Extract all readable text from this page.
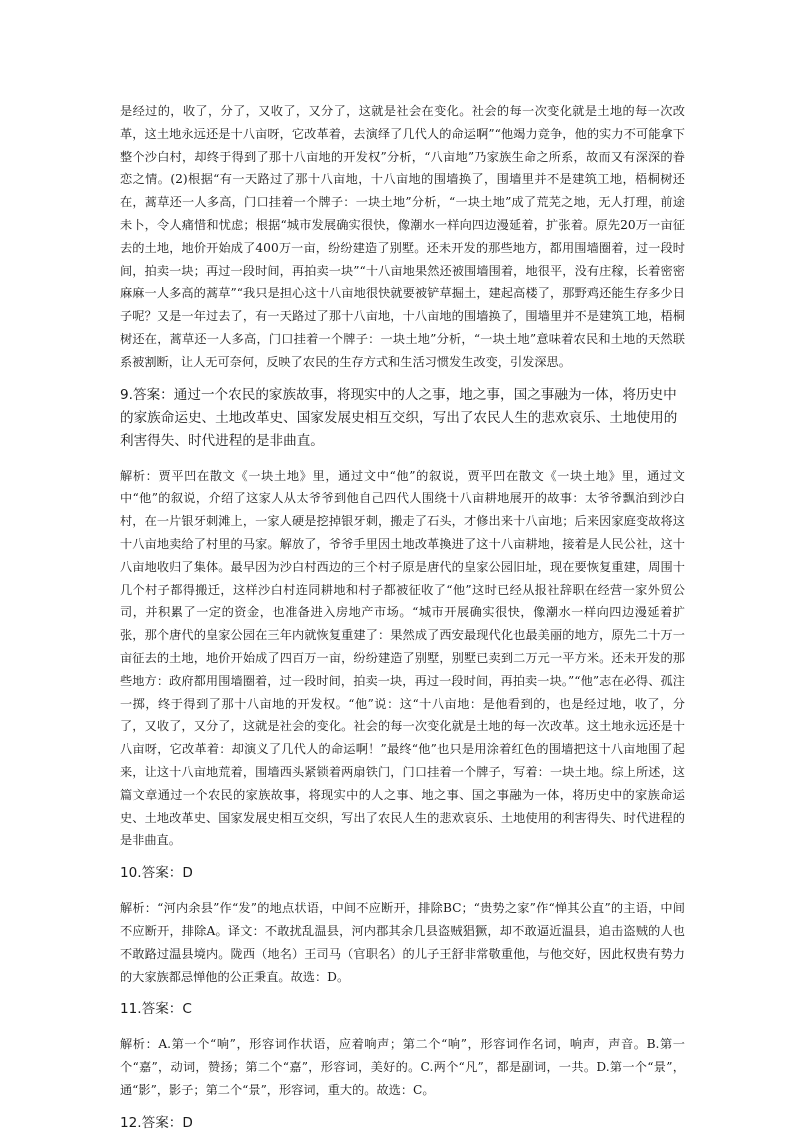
是经过的，收了，分了，又收了，又分了，这就是社会在变化。社会的每一次变化就是土地的每一次改革，这土地永远还是十八亩呀，它改革着，去演绎了几代人的命运啊”“他竭力竞争，他的实力不可能拿下整个沙白村，却终于得到了那十八亩地的开发权”分析，“八亩地”乃家族生命之所系，故而又有深深的眷恋之情。(2)根据“有一天路过了那十八亩地，十八亩地的围墙换了，围墙里并不是建筑工地，梧桐树还在，蒿草还一人多高，门口挂着一个牌子：一块土地”分析，“一块土地”成了荒芜之地，无人打理，前途未卜，令人痛惜和忧虑；根据“城市发展确实很快，像潮水一样向四边漫延着，扩张着。原先20万一亩征去的土地，地价开始成了400万一亩，纷纷建造了别墅。还未开发的那些地方，都用围墙圈着，过一段时间，拍卖一块；再过一段时间，再拍卖一块”“十八亩地果然还被围墙围着，地很平，没有庄稼，长着密密麻麻一人多高的蒿草”“我只是担心这十八亩地很快就要被铲草掘土，建起高楼了，那野鸡还能生存多少日子呢？又是一年过去了，有一天路过了那十八亩地，十八亩地的围墙换了，围墙里并不是建筑工地，梧桐树还在，蒿草还一人多高，门口挂着一个牌子：一块土地”分析，“一块土地”意味着农民和土地的天然联系被割断，让人无可奈何，反映了农民的生存方式和生活习惯发生改变，引发深思。

9.答案：通过一个农民的家族故事，将现实中的人之事，地之事，国之事融为一体，将历史中的家族命运史、土地改革史、国家发展史相互交织，写出了农民人生的悲欢哀乐、土地使用的利害得失、时代进程的是非曲直。

解析：贾平凹在散文《一块土地》里，通过文中“他”的叙说，贾平凹在散文《一块土地》里，通过文中“他”的叙说，介绍了这家人从太爷爷到他自己四代人围绕十八亩耕地展开的故事：太爷爷飘泊到沙白村，在一片银牙刺滩上，一家人硬是挖掉银牙刺，搬走了石头，才修出来十八亩地；后来因家庭变故将这十八亩地卖给了村里的马家。解放了，爷爷手里因土地改革換进了这十八亩耕地，接着是人民公社，这十八亩地收归了集体。最早因为沙白村西边的三个村子原是唐代的皇家公园旧址，现在要恢复重建，周围十几个村子都得搬迁，这样沙白村连同耕地和村子都被征收了“他”这时已经从报社辞职在经营一家外贸公司，并积累了一定的资金，也准备进入房地产市场。“城市开展确实很快，像潮水一样向四边漫延着扩张，那个唐代的皇家公园在三年内就恢复重建了：果然成了西安最现代化也最美丽的地方，原先二十万一亩征去的土地，地价开始成了四百万一亩，纷纷建造了别墅，别墅已卖到二万元一平方米。还未开发的那些地方：政府都用围墙圈着，过一段时间，拍卖一块，再过一段时间，再拍卖一块。”“他”志在必得、孤注一掷，终于得到了那十八亩地的开发权。“他”说：这“十八亩地：是他看到的，也是经过地，收了，分了，又收了，又分了，这就是社会的变化。社会的每一次变化就是土地的每一次改革。这土地永远还是十八亩呀，它改革着：却演义了几代人的命运啊！”最终“他”也只是用涂着红色的围墙把这十八亩地围了起来，让这十八亩地荒着，围墙西头紧锁着两扇铁门，门口挂着一个牌子，写着：一块土地。综上所述，这篇文章通过一个农民的家族故事，将现实中的人之事、地之事、国之事融为一体，将历史中的家族命运史、土地改革史、国家发展史相互交织，写出了农民人生的悲欢哀乐、土地使用的利害得失、时代进程的是非曲直。

10.答案：D

解析：“河内余县”作“发”的地点状语，中间不应断开，排除BC；“贵势之家”作“惮其公直”的主语，中间不应断开，排除A。译文：不敢扰乱温县，河内郡其余几县盗贼猖獗，却不敢逼近温县，追击盗贼的人也不敢路过温县境内。陇西（地名）王司马（官职名）的儿子王舒非常敬重他，与他交好，因此权贵有势力的大家族都忌惮他的公正秉直。故选：D。

11.答案：C

解析：A.第一个“响”，形容词作状语，应着响声；第二个“响”，形容词作名词，响声，声音。B.第一个“嘉”，动词，赞扬；第二个“嘉”，形容词，美好的。C.两个“凡”，都是副词，一共。D.第一个“景”，通“影”，影子；第二个“景”，形容词，重大的。故选：C。

12.答案：D
